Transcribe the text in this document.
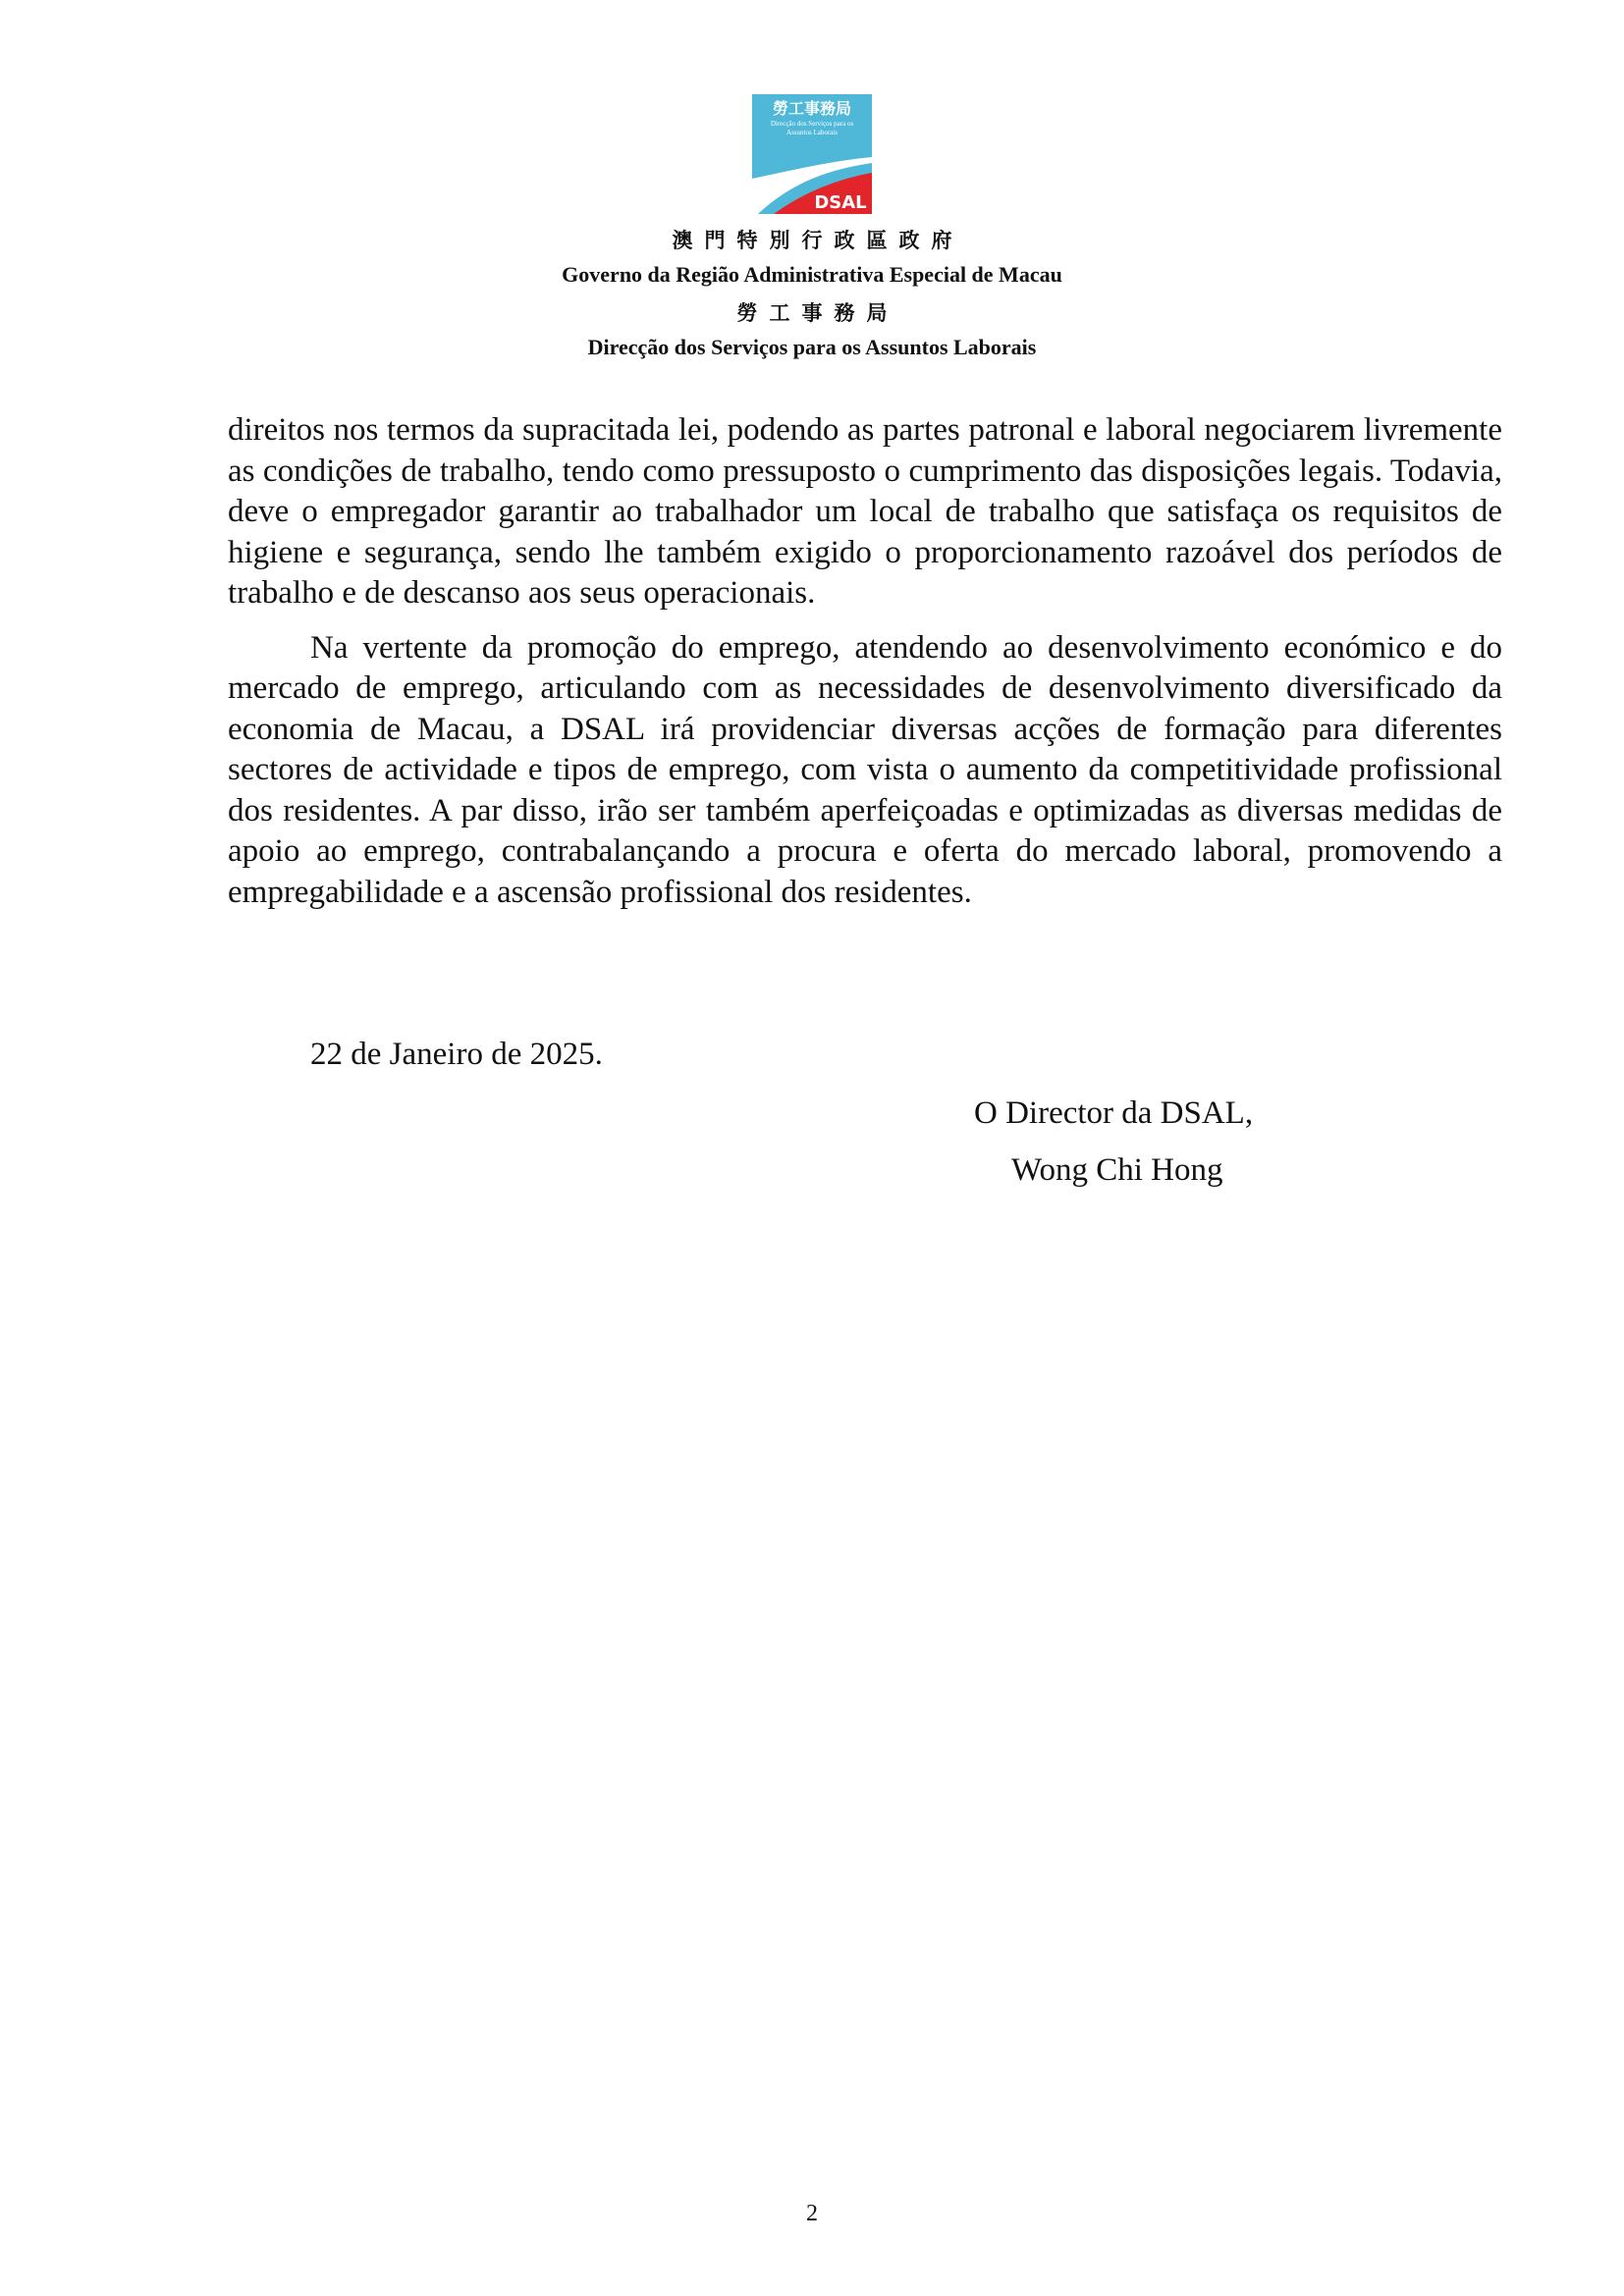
勞工事務局
Direcção dos Serviços para os Assuntos Laborais
DSAL
澳門特別行政區政府
Governo da Região Administrativa Especial de Macau
勞工事務局
Direcção dos Serviços para os Assuntos Laborais

direitos nos termos da supracitada lei, podendo as partes patronal e laboral negociarem livremente as condições de trabalho, tendo como pressuposto o cumprimento das disposições legais. Todavia, deve o empregador garantir ao trabalhador um local de trabalho que satisfaça os requisitos de higiene e segurança, sendo lhe também exigido o proporcionamento razoável dos períodos de trabalho e de descanso aos seus operacionais.

Na vertente da promoção do emprego, atendendo ao desenvolvimento económico e do mercado de emprego, articulando com as necessidades de desenvolvimento diversificado da economia de Macau, a DSAL irá providenciar diversas acções de formação para diferentes sectores de actividade e tipos de emprego, com vista o aumento da competitividade profissional dos residentes. A par disso, irão ser também aperfeiçoadas e optimizadas as diversas medidas de apoio ao emprego, contrabalançando a procura e oferta do mercado laboral, promovendo a empregabilidade e a ascensão profissional dos residentes.

22 de Janeiro de 2025.
O Director da DSAL,
Wong Chi Hong
2
